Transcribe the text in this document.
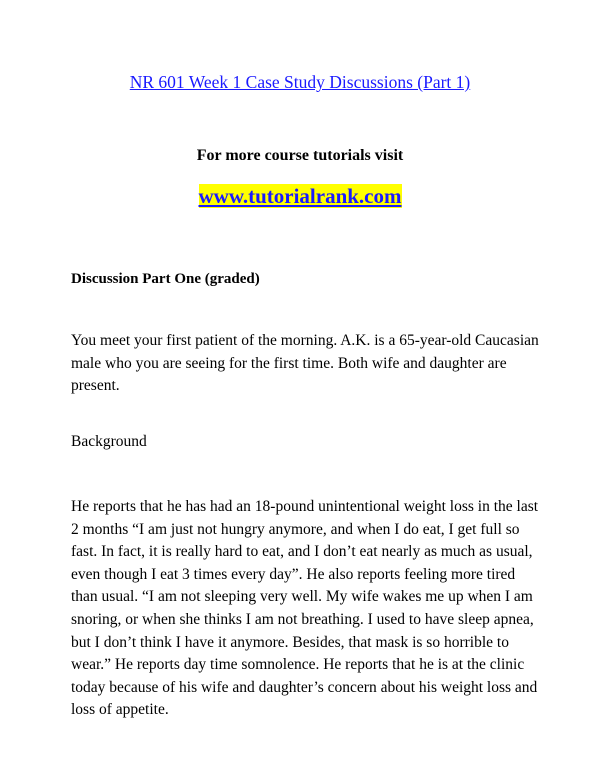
NR 601 Week 1 Case Study Discussions (Part 1)
For more course tutorials visit
www.tutorialrank.com
Discussion Part One (graded)

You meet your first patient of the morning. A.K. is a 65-year-old Caucasian male who you are seeing for the first time. Both wife and daughter are present.

Background

He reports that he has had an 18-pound unintentional weight loss in the last 2 months “I am just not hungry anymore, and when I do eat, I get full so fast. In fact, it is really hard to eat, and I don’t eat nearly as much as usual, even though I eat 3 times every day”. He also reports feeling more tired than usual. “I am not sleeping very well. My wife wakes me up when I am snoring, or when she thinks I am not breathing. I used to have sleep apnea, but I don’t think I have it anymore. Besides, that mask is so horrible to wear.” He reports day time somnolence. He reports that he is at the clinic today because of his wife and daughter’s concern about his weight loss and loss of appetite.
